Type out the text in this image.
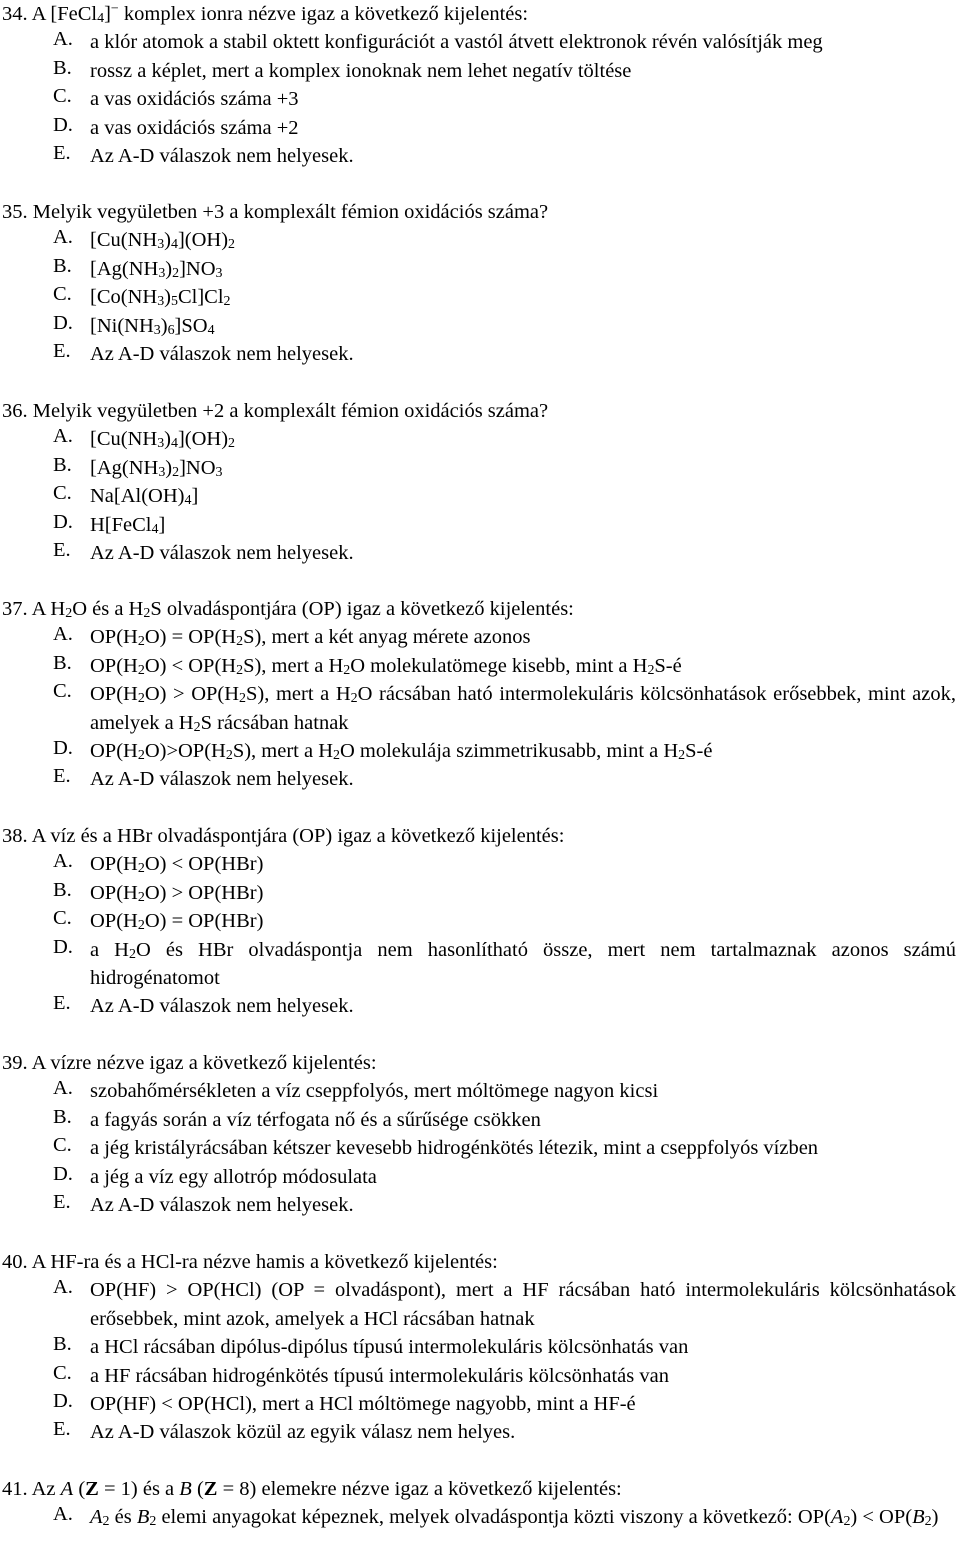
34. A [FeCl$_4$]− komplex ionra nézve igaz a következő kijelentés:
A. a klór atomok a stabil oktett konfigurációt a vastól átvett elektronok révén valósítják meg
B. rossz a képlet, mert a komplex ionoknak nem lehet negatív töltése
C. a vas oxidációs száma +3
D. a vas oxidációs száma +2
E. Az A-D válaszok nem helyesek.
35. Melyik vegyületben +3 a komplexált fémion oxidációs száma?
A. $[Cu(NH_3)_4](OH)_2$
B. $[Ag(NH_3)_2]NO_3$
C. $[Co(NH_3)_5Cl]Cl_2$
D. $[Ni(NH_3)_6]SO_4$
E. Az A-D válaszok nem helyesek.
36. Melyik vegyületben +2 a komplexált fémion oxidációs száma?
A. $[Cu(NH_3)_4](OH)_2$
B. $[Ag(NH_3)_2]NO_3$
C. $Na[Al(OH)_4]$
D. H[FeCl$_4$]
E. Az A-D válaszok nem helyesek.
37. A $H_2O$ és a $H_2S$ olvadáspontjára (OP) igaz a következő kijelentés:
A. $OP(H_2O) = OP(H_2S)$, mert a két anyag mérete azonos
B. $OP(H_2O) < OP(H_2S)$, mert a $H_2O$ molekulatömege kisebb, mint a $H_2S-é$
C. $OP(H_2O) > OP(H_2S)$, mert a $H_2O$ rácsában ható intermolekuláris kölcsönhatások erősebbek, mint azok, amelyek a $H_2S$ rácsában hatnak
D. $OP(H_2O)>OP(H_2S)$, mert a $H_2O$ molekulája szimmetrikusabb, mint a $H_2S-é$
E. Az A-D válaszok nem helyesek.
38. A víz és a HBr olvadáspontjára (OP) igaz a következő kijelentés:
A. $OP(H_2O) < OP(HBr)$
B. $OP(H_2O) > OP(HBr)$
C. $OP(H_2O) = OP(HBr)$
D. a $H_2O$ és HBr olvadáspontja nem hasonlítható össze, mert nem tartalmaznak azonos számú hidrogénatomot
E. Az A-D válaszok nem helyesek.
39. A vízre nézve igaz a következő kijelentés:
A. szobahőmérsékleten a víz cseppfolyós, mert móltömege nagyon kicsi
B. a fagyás során a víz térfogata nő és a sűrűsége csökken
C. a jég kristályrácsában kétszer kevesebb hidrogénkötés létezik, mint a cseppfolyós vízben
D. a jég a víz egy allotróp módosulata
E. Az A-D válaszok nem helyesek.
40. A HF-ra és a HCl-ra nézve hamis a következő kijelentés:
A. OP(HF) > OP(HCl) (OP = olvadáspont), mert a HF rácsában ható intermolekuláris kölcsönhatások erősebbek, mint azok, amelyek a HCl rácsában hatnak
B. a HCl rácsában dipólus-dipólus típusú intermolekuláris kölcsönhatás van
C. a HF rácsában hidrogénkötés típusú intermolekuláris kölcsönhatás van
D. OP(HF) < OP(HCl), mert a HCl móltömege nagyobb, mint a HF-é
E. Az A-D válaszok közül az egyik válasz nem helyes.
41. Az A (Z = 1) és a B (Z = 8) elemekre nézve igaz a következő kijelentés:
A. $A_2$ és $B_2$ elemi anyagokat képeznek, melyek olvadáspontja közti viszony a következő: $OP(A_2) < OP(B_2)$
